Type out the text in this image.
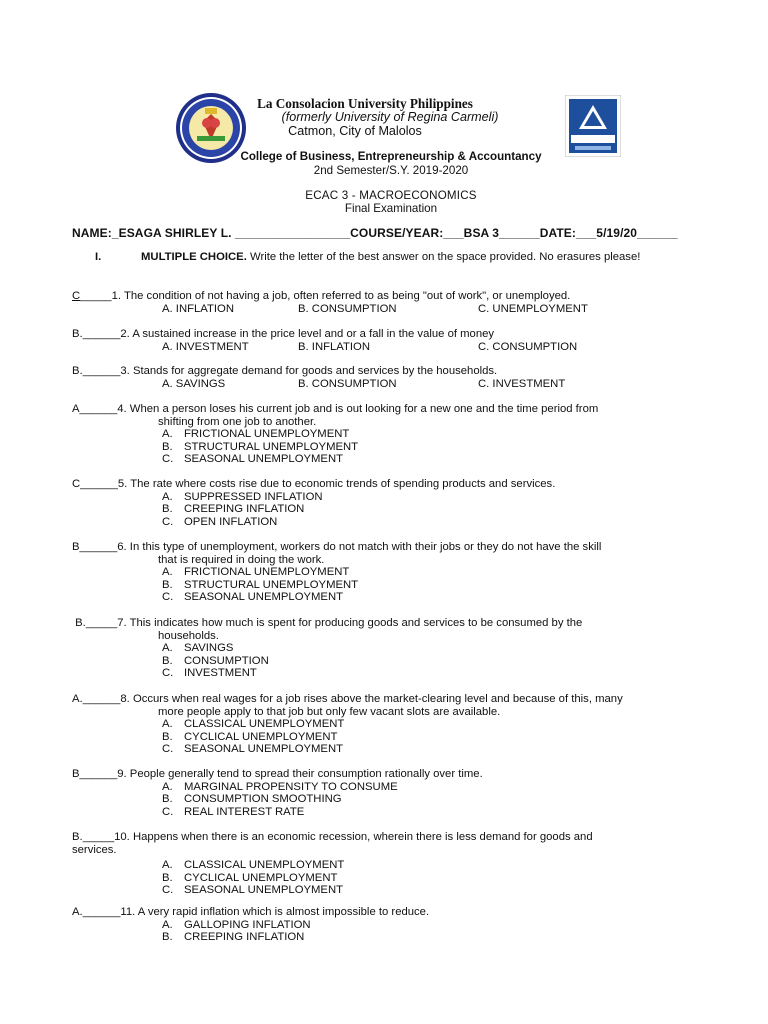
La Consolacion University Philippines
(formerly University of Regina Carmeli)
Catmon, City of Malolos
College of Business, Entrepreneurship & Accountancy
2nd Semester/S.Y. 2019-2020
ECAC 3 - MACROECONOMICS
Final Examination
NAME:_ESAGA SHIRLEY L. _________________COURSE/YEAR:___BSA 3______DATE:___5/19/20______
I.	MULTIPLE CHOICE. Write the letter of the best answer on the space provided. No erasures please!
C_____1. The condition of not having a job, often referred to as being "out of work", or unemployed.
A. INFLATION	B. CONSUMPTION	C. UNEMPLOYMENT
B.______2. A sustained increase in the price level and or a fall in the value of money
A. INVESTMENT	B. INFLATION	C. CONSUMPTION
B.______3. Stands for aggregate demand for goods and services by the households.
A. SAVINGS	B. CONSUMPTION	C. INVESTMENT
A______4. When a person loses his current job and is out looking for a new one and the time period from
shifting from one job to another.
A. FRICTIONAL UNEMPLOYMENT
B. STRUCTURAL UNEMPLOYMENT
C. SEASONAL UNEMPLOYMENT
C______5. The rate where costs rise due to economic trends of spending products and services.
A. SUPPRESSED INFLATION
B. CREEPING INFLATION
C. OPEN INFLATION
B______6. In this type of unemployment, workers do not match with their jobs or they do not have the skill
that is required in doing the work.
A. FRICTIONAL UNEMPLOYMENT
B. STRUCTURAL UNEMPLOYMENT
C. SEASONAL UNEMPLOYMENT
B._____7. This indicates how much is spent for producing goods and services to be consumed by the
households.
A. SAVINGS
B. CONSUMPTION
C. INVESTMENT
A.______8. Occurs when real wages for a job rises above the market-clearing level and because of this, many
more people apply to that job but only few vacant slots are available.
A. CLASSICAL UNEMPLOYMENT
B. CYCLICAL UNEMPLOYMENT
C. SEASONAL UNEMPLOYMENT
B______9. People generally tend to spread their consumption rationally over time.
A. MARGINAL PROPENSITY TO CONSUME
B. CONSUMPTION SMOOTHING
C. REAL INTEREST RATE
B._____10. Happens when there is an economic recession, wherein there is less demand for goods and
services.
A. CLASSICAL UNEMPLOYMENT
B. CYCLICAL UNEMPLOYMENT
C. SEASONAL UNEMPLOYMENT
A.______11. A very rapid inflation which is almost impossible to reduce.
A. GALLOPING INFLATION
B. CREEPING INFLATION
